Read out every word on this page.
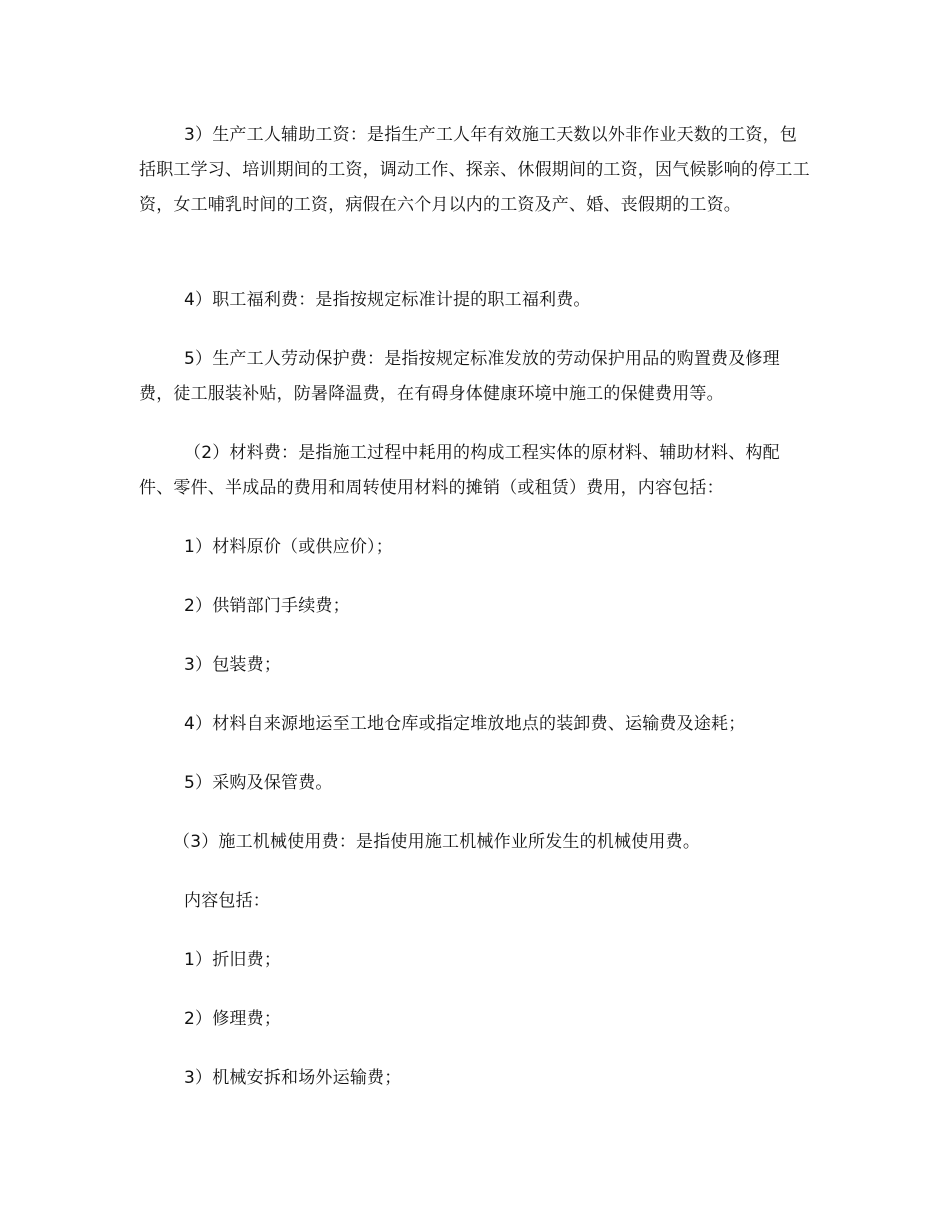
3）生产工人辅助工资：是指生产工人年有效施工天数以外非作业天数的工资，包括职工学习、培训期间的工资，调动工作、探亲、休假期间的工资，因气候影响的停工工资，女工哺乳时间的工资，病假在六个月以内的工资及产、婚、丧假期的工资。

4）职工福利费：是指按规定标准计提的职工福利费。

5）生产工人劳动保护费：是指按规定标准发放的劳动保护用品的购置费及修理费，徒工服装补贴，防暑降温费，在有碍身体健康环境中施工的保健费用等。

（2）材料费：是指施工过程中耗用的构成工程实体的原材料、辅助材料、构配件、零件、半成品的费用和周转使用材料的摊销（或租赁）费用，内容包括：

1）材料原价（或供应价）；

2）供销部门手续费；

3）包装费；

4）材料自来源地运至工地仓库或指定堆放地点的装卸费、运输费及途耗；

5）采购及保管费。

（3）施工机械使用费：是指使用施工机械作业所发生的机械使用费。

内容包括：

1）折旧费；

2）修理费；

3）机械安拆和场外运输费；
